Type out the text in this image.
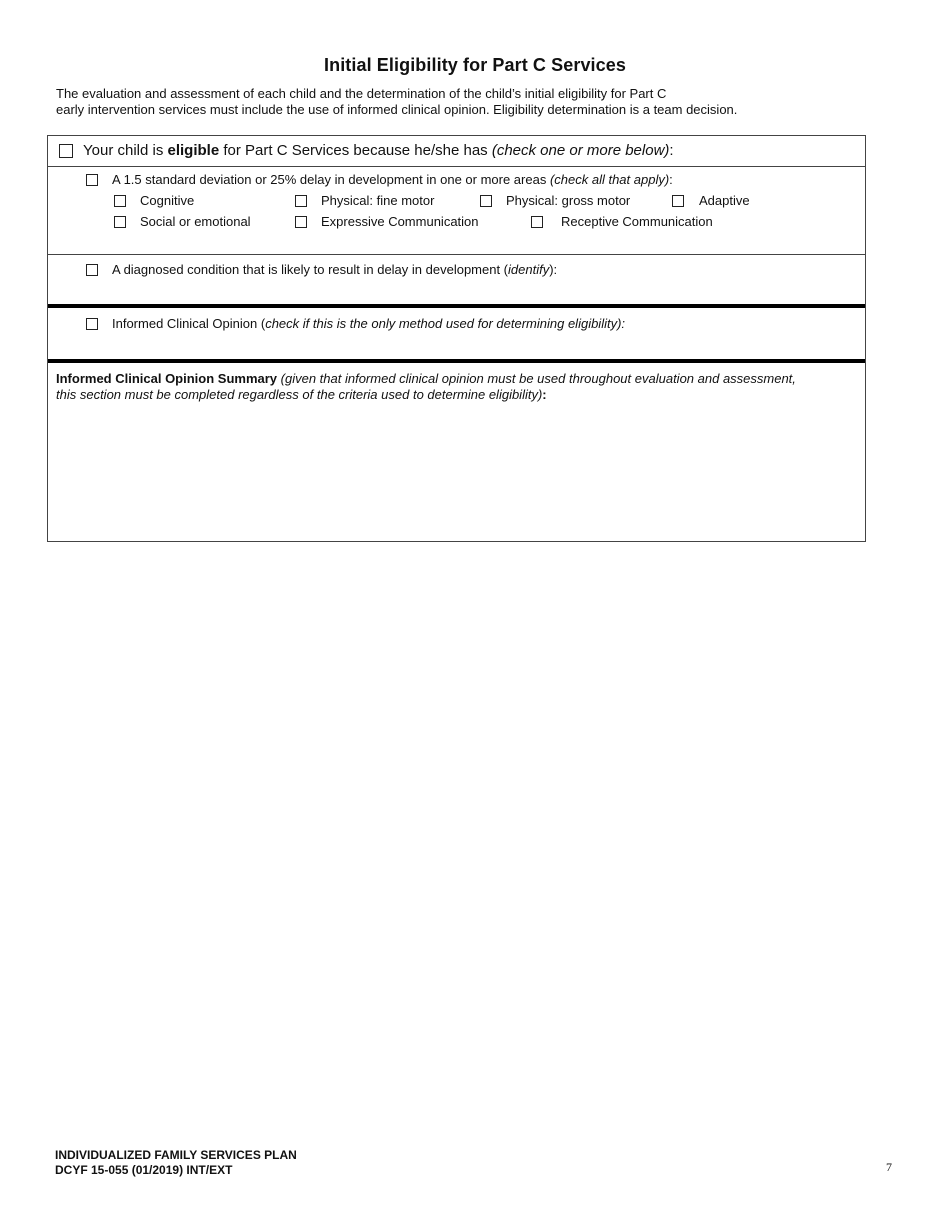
Initial Eligibility for Part C Services
The evaluation and assessment of each child and the determination of the child’s initial eligibility for Part C
early intervention services must include the use of informed clinical opinion. Eligibility determination is a team decision.
Your child is eligible for Part C Services because he/she has (check one or more below):
A 1.5 standard deviation or 25% delay in development in one or more areas (check all that apply):
Cognitive	Physical: fine motor	Physical: gross motor	Adaptive
Social or emotional	Expressive Communication	Receptive Communication
A diagnosed condition that is likely to result in delay in development (identify):
Informed Clinical Opinion (check if this is the only method used for determining eligibility):
Informed Clinical Opinion Summary (given that informed clinical opinion must be used throughout evaluation and assessment,
this section must be completed regardless of the criteria used to determine eligibility):
INDIVIDUALIZED FAMILY SERVICES PLAN
DCYF 15-055 (01/2019) INT/EXT	7
